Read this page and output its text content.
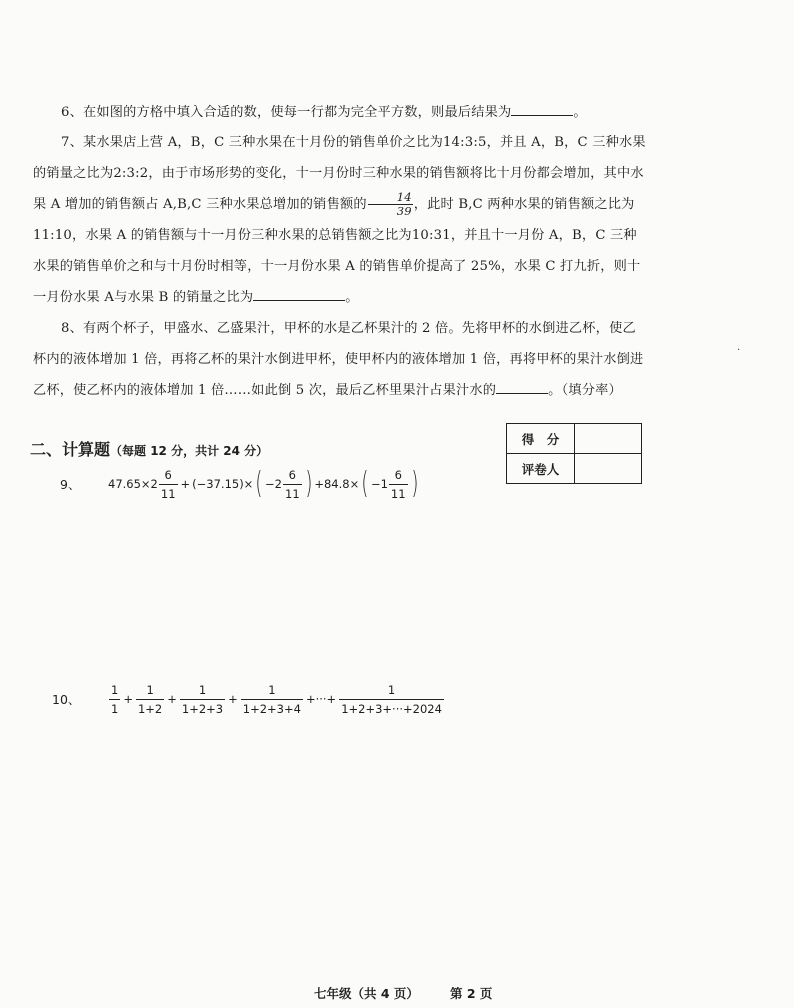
6、在如图的方格中填入合适的数，使每一行都为完全平方数，则最后结果为	。
7、某水果店上营 A，B，C 三种水果在十月份的销售单价之比为14:3:5，并且 A，B，C 三种水果的销量之比为2:3:2，由于市场形势的变化，十一月份时三种水果的销售额将比十月份都会增加，其中水果 A 增加的销售额占 A,B,C 三种水果总增加的销售额的 $\frac{14}{39}$ ，此时 B,C 两种水果的销售额之比为11:10，水果 A 的销售额与十一月份三种水果的总销售额之比为10:31，并且十一月份 A，B，C 三种水果的销售单价之和与十月份时相等，十一月份水果 A 的销售单价提高了 25%，水果 C 打九折，则十一月份水果 A与水果 B 的销量之比为	。
8、有两个杯子，甲盛水、乙盛果汁，甲杯的水是乙杯果汁的 2 倍。先将甲杯的水倒进乙杯，使乙杯内的液体增加 1 倍，再将乙杯的果汁水倒进甲杯，使甲杯内的液体增加 1 倍，再将甲杯的果汁水倒进乙杯，使乙杯内的液体增加 1 倍……如此倒 5 次，最后乙杯里果汁占果汁水的	。（填分率）
·
二、计算题（每题 12 分，共计 24 分）
得　分	
评卷人	
9、 $47.65\times 2 \frac{6}{11} + (-37.15)\times$ ( $-2 \frac{6}{11}$ ) +84.8× ( $-1 \frac{6}{11}$ )
10、 $\frac{1}{1} + \frac{1}{1+2} + \frac{1}{1+2+3} + \frac{1}{1+2+3+4}$ +···+ $\frac{1}{1+2+3+\cdot\cdot\cdot+2024}$
七年级（共 4 页） 第 2 页
